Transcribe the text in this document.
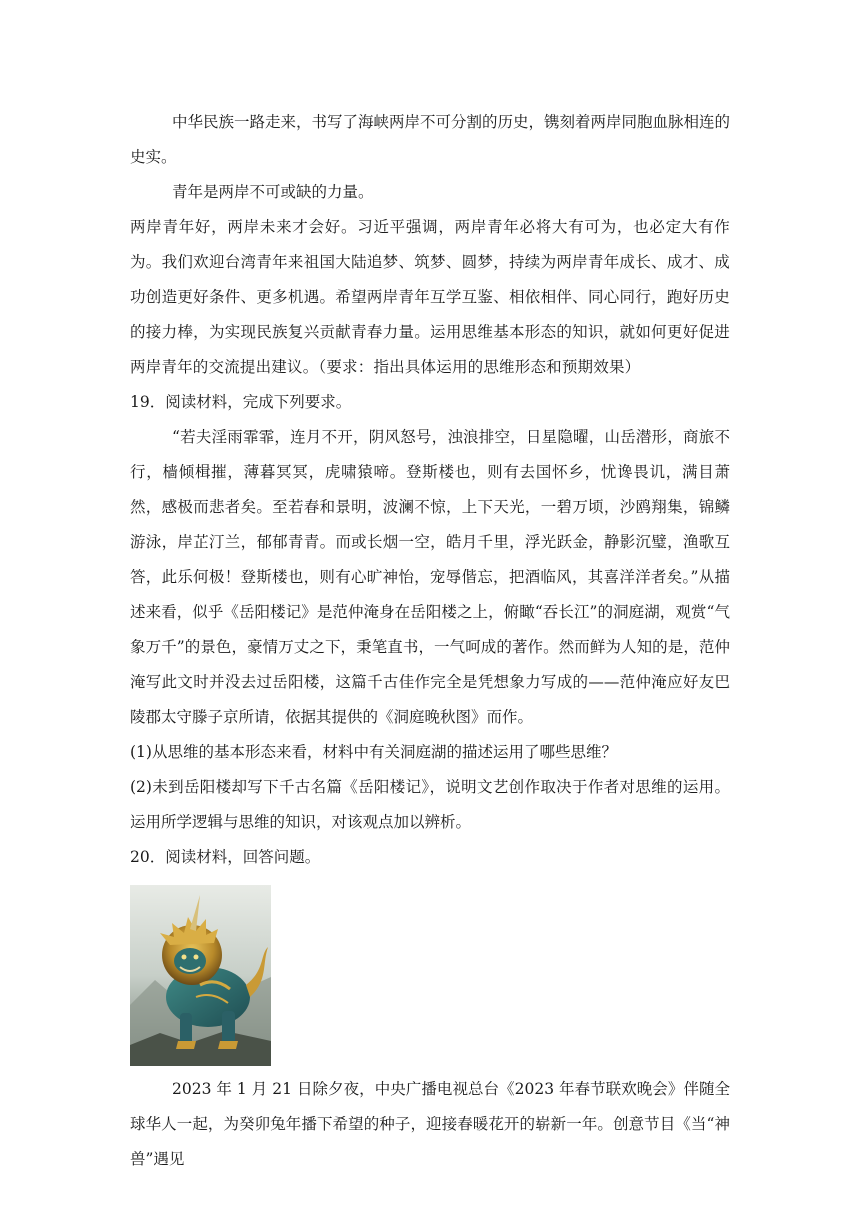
中华民族一路走来，书写了海峡两岸不可分割的历史，镌刻着两岸同胞血脉相连的史实。

青年是两岸不可或缺的力量。

两岸青年好，两岸未来才会好。习近平强调，两岸青年必将大有可为，也必定大有作为。我们欢迎台湾青年来祖国大陆追梦、筑梦、圆梦，持续为两岸青年成长、成才、成功创造更好条件、更多机遇。希望两岸青年互学互鉴、相依相伴、同心同行，跑好历史的接力棒，为实现民族复兴贡献青春力量。运用思维基本形态的知识，就如何更好促进两岸青年的交流提出建议。（要求：指出具体运用的思维形态和预期效果）

19．阅读材料，完成下列要求。

“若夫淫雨霏霏，连月不开，阴风怒号，浊浪排空，日星隐曜，山岳潜形，商旅不行，樯倾楫摧，薄暮冥冥，虎啸猿啼。登斯楼也，则有去国怀乡，忧谗畏讥，满目萧然，感极而悲者矣。至若春和景明，波澜不惊，上下天光，一碧万顷，沙鸥翔集，锦鳞游泳，岸芷汀兰，郁郁青青。而或长烟一空，皓月千里，浮光跃金，静影沉璧，渔歌互答，此乐何极！登斯楼也，则有心旷神怡，宠辱偕忘，把酒临风，其喜洋洋者矣。”从描述来看，似乎《岳阳楼记》是范仲淹身在岳阳楼之上，俯瞰“吞长江”的洞庭湖，观赏“气象万千”的景色，豪情万丈之下，秉笔直书，一气呵成的著作。然而鲜为人知的是，范仲淹写此文时并没去过岳阳楼，这篇千古佳作完全是凭想象力写成的——范仲淹应好友巴陵郡太守滕子京所请，依据其提供的《洞庭晚秋图》而作。

(1)从思维的基本形态来看，材料中有关洞庭湖的描述运用了哪些思维？

(2)未到岳阳楼却写下千古名篇《岳阳楼记》，说明文艺创作取决于作者对思维的运用。运用所学逻辑与思维的知识，对该观点加以辨析。

20．阅读材料，回答问题。

2023 年 1 月 21 日除夕夜，中央广播电视总台《2023 年春节联欢晚会》伴随全球华人一起，为癸卯兔年播下希望的种子，迎接春暖花开的崭新一年。创意节目《当“神兽”遇见
